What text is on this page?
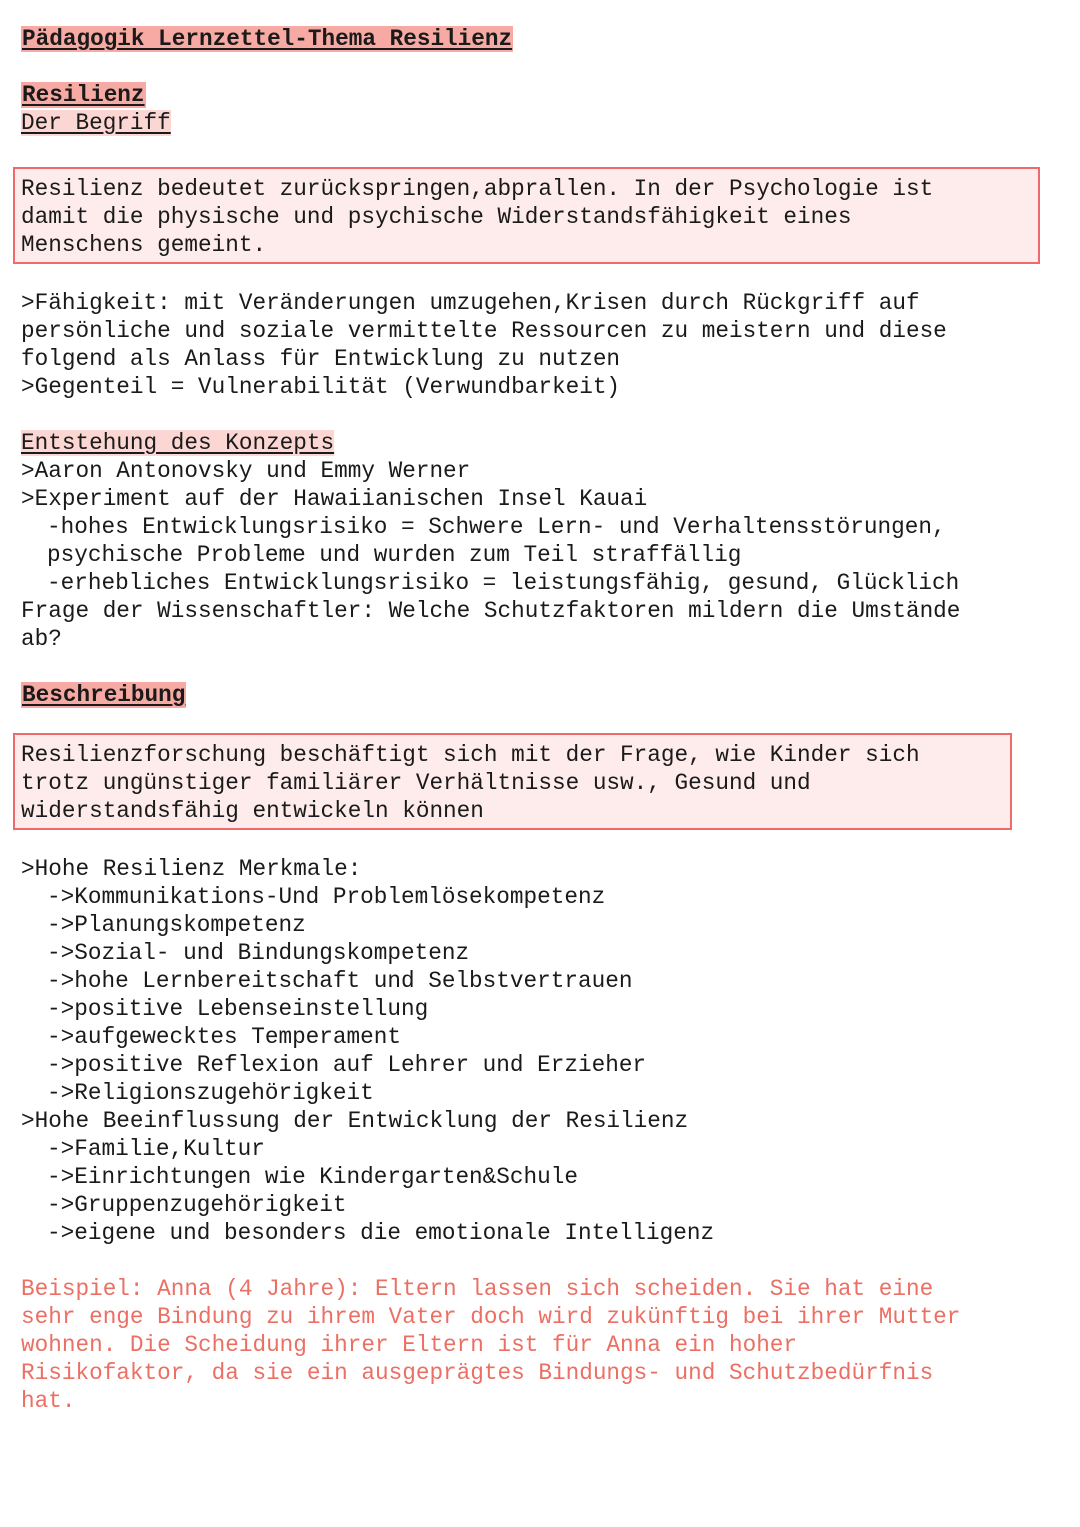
Pädagogik Lernzettel-Thema Resilienz
Resilienz
Der Begriff
Resilienz bedeutet zurückspringen,abprallen. In der Psychologie ist
damit die physische und psychische Widerstandsfähigkeit eines
Menschens gemeint.
>Fähigkeit: mit Veränderungen umzugehen,Krisen durch Rückgriff auf
persönliche und soziale vermittelte Ressourcen zu meistern und diese
folgend als Anlass für Entwicklung zu nutzen
>Gegenteil = Vulnerabilität (Verwundbarkeit)
Entstehung des Konzepts
>Aaron Antonovsky und Emmy Werner
>Experiment auf der Hawaiianischen Insel Kauai
-hohes Entwicklungsrisiko = Schwere Lern- und Verhaltensstörungen,
psychische Probleme und wurden zum Teil straffällig
-erhebliches Entwicklungsrisiko = leistungsfähig, gesund, Glücklich
Frage der Wissenschaftler: Welche Schutzfaktoren mildern die Umstände
ab?
Beschreibung
Resilienzforschung beschäftigt sich mit der Frage, wie Kinder sich
trotz ungünstiger familiärer Verhältnisse usw., Gesund und
widerstandsfähig entwickeln können
>Hohe Resilienz Merkmale:
->Kommunikations-Und Problemlösekompetenz
->Planungskompetenz
->Sozial- und Bindungskompetenz
->hohe Lernbereitschaft und Selbstvertrauen
->positive Lebenseinstellung
->aufgewecktes Temperament
->positive Reflexion auf Lehrer und Erzieher
->Religionszugehörigkeit
>Hohe Beeinflussung der Entwicklung der Resilienz
->Familie,Kultur
->Einrichtungen wie Kindergarten&Schule
->Gruppenzugehörigkeit
->eigene und besonders die emotionale Intelligenz
Beispiel: Anna (4 Jahre): Eltern lassen sich scheiden. Sie hat eine
sehr enge Bindung zu ihrem Vater doch wird zukünftig bei ihrer Mutter
wohnen. Die Scheidung ihrer Eltern ist für Anna ein hoher
Risikofaktor, da sie ein ausgeprägtes Bindungs- und Schutzbedürfnis
hat.
